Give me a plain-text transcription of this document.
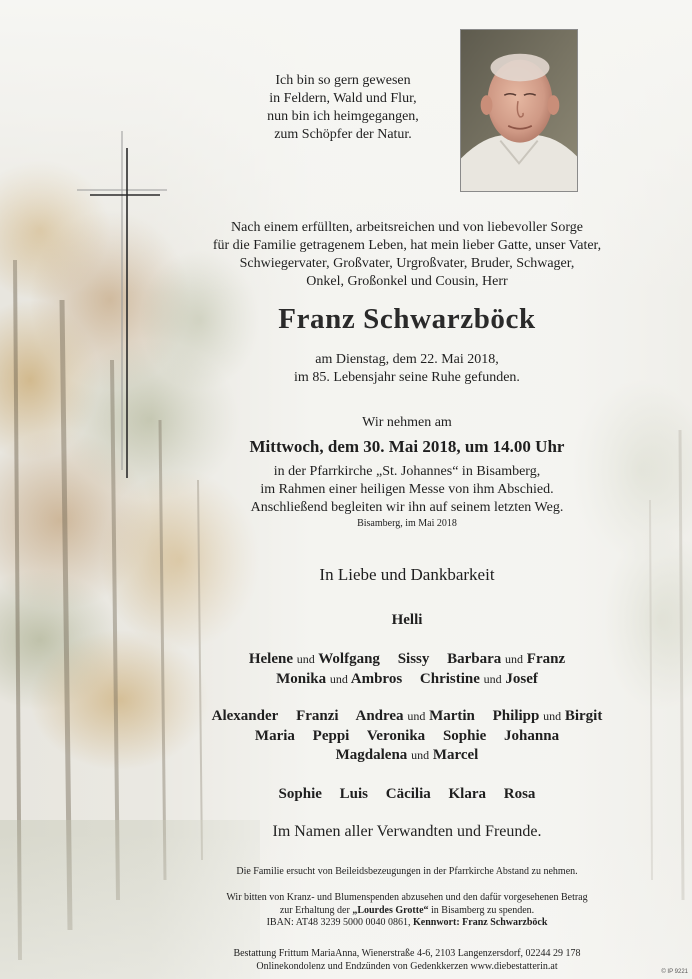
Ich bin so gern gewesen
in Feldern, Wald und Flur,
nun bin ich heimgegangen,
zum Schöpfer der Natur.
Nach einem erfüllten, arbeitsreichen und von liebevoller Sorge
für die Familie getragenem Leben, hat mein lieber Gatte, unser Vater,
Schwiegervater, Großvater, Urgroßvater, Bruder, Schwager,
Onkel, Großonkel und Cousin, Herr
Franz Schwarzböck
am Dienstag, dem 22. Mai 2018,
im 85. Lebensjahr seine Ruhe gefunden.
Wir nehmen am
Mittwoch, dem 30. Mai 2018, um 14.00 Uhr
in der Pfarrkirche „St. Johannes“ in Bisamberg,
im Rahmen einer heiligen Messe von ihm Abschied.
Anschließend begleiten wir ihn auf seinem letzten Weg.
Bisamberg, im Mai 2018
In Liebe und Dankbarkeit
Helli
Helene und Wolfgang Sissy Barbara und Franz
Monika und Ambros Christine und Josef
Alexander Franzi Andrea und Martin Philipp und Birgit
Maria Peppi Veronika Sophie Johanna
Magdalena und Marcel
Sophie Luis Cäcilia Klara Rosa
Im Namen aller Verwandten und Freunde.
Die Familie ersucht von Beileidsbezeugungen in der Pfarrkirche Abstand zu nehmen.
Wir bitten von Kranz- und Blumenspenden abzusehen und den dafür vorgesehenen Betrag
zur Erhaltung der „Lourdes Grotte“ in Bisamberg zu spenden.
IBAN: AT48 3239 5000 0040 0861, Kennwort: Franz Schwarzböck
Bestattung Frittum MariaAnna, Wienerstraße 4-6, 2103 Langenzersdorf, 02244 29 178
Onlinekondolenz und Endzünden von Gedenkkerzen www.diebestatterin.at
© IP 9221
